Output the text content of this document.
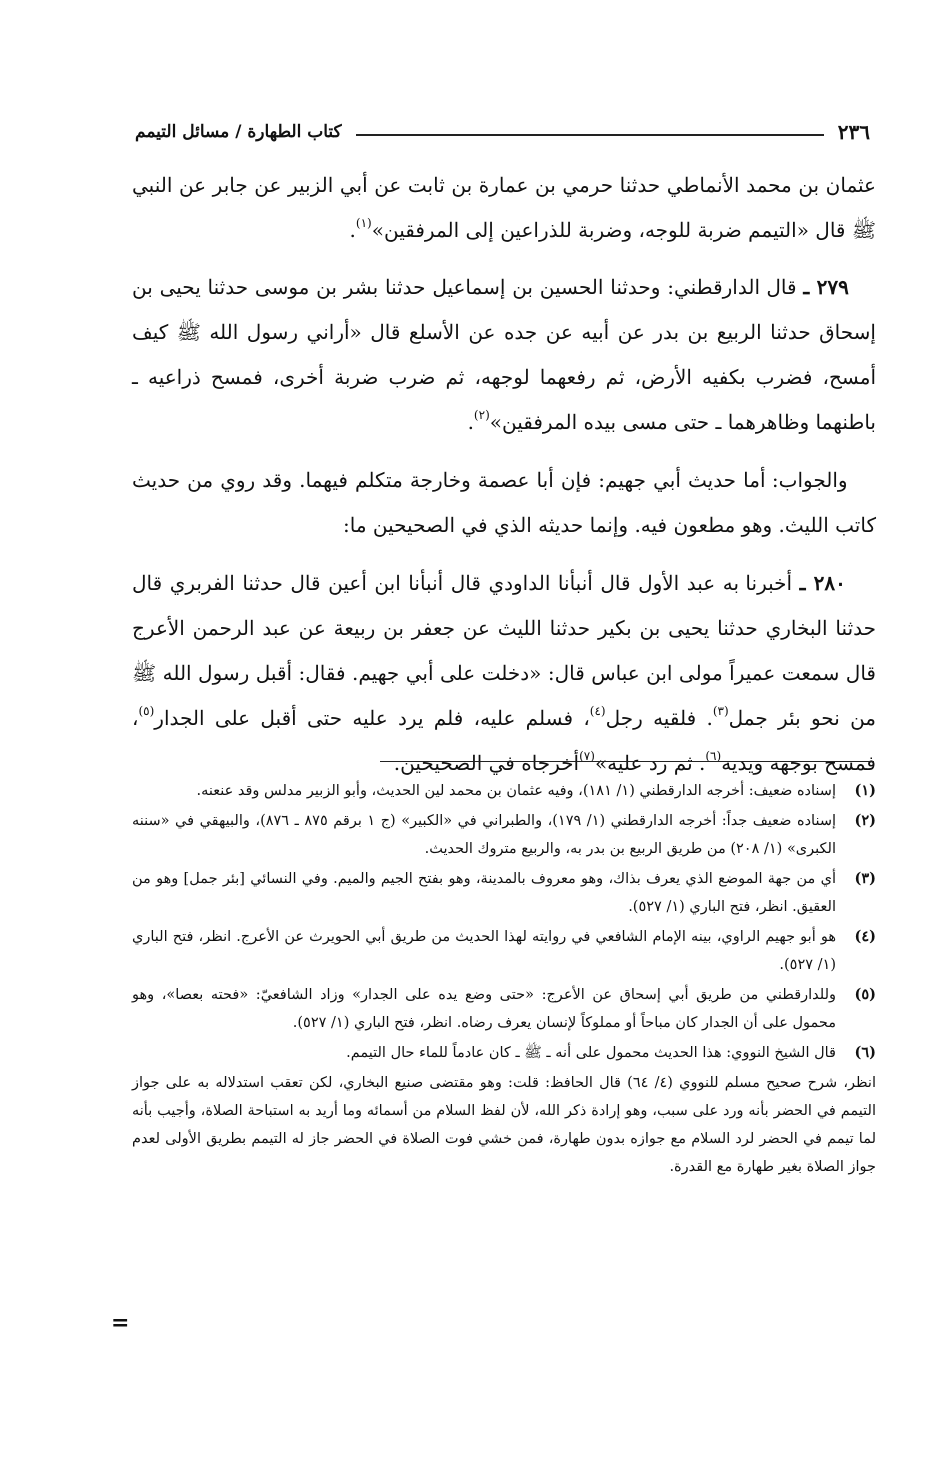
٢٣٦
كتاب الطهارة / مسائل التيمم

عثمان بن محمد الأنماطي حدثنا حرمي بن عمارة بن ثابت عن أبي الزبير عن جابر عن النبي ﷺ قال «التيمم ضربة للوجه، وضربة للذراعين إلى المرفقين»$^{(١)}$.

٢٧٩ ـ قال الدارقطني: وحدثنا الحسين بن إسماعيل حدثنا بشر بن موسى حدثنا يحيى بن إسحاق حدثنا الربيع بن بدر عن أبيه عن جده عن الأسلع قال «أراني رسول الله ﷺ كيف أمسح، فضرب بكفيه الأرض، ثم رفعهما لوجهه، ثم ضرب ضربة أخرى، فمسح ذراعيه ـ باطنهما وظاهرهما ـ حتى مسى بيده المرفقين»$^{(٢)}$.

والجواب: أما حديث أبي جهيم: فإن أبا عصمة وخارجة متكلم فيهما. وقد روي من حديث كاتب الليث. وهو مطعون فيه. وإنما حديثه الذي في الصحيحين ما:

٢٨٠ ـ أخبرنا به عبد الأول قال أنبأنا الداودي قال أنبأنا ابن أعين قال حدثنا الفربري قال حدثنا البخاري حدثنا يحيى بن بكير حدثنا الليث عن جعفر بن ربيعة عن عبد الرحمن الأعرج قال سمعت عميراً مولى ابن عباس قال: «دخلت على أبي جهيم. فقال: أقبل رسول الله ﷺ من نحو بئر جمل$^{(٣)}$. فلقيه رجل$^{(٤)}$، فسلم عليه، فلم يرد عليه حتى أقبل على الجدار$^{(٥)}$، فمسح بوجهه ويديه$^{(٦)}$. ثم رد عليه»$^{(٧)}$أخرجاه في الصحيحين.

(١)
إسناده ضعيف: أخرجه الدارقطني (١/ ١٨١)، وفيه عثمان بن محمد لين الحديث، وأبو الزبير مدلس وقد عنعنه.
(٢)
إسناده ضعيف جداً: أخرجه الدارقطني (١/ ١٧٩)، والطبراني في «الكبير» (ج ١ برقم ٨٧٥ ـ ٨٧٦)، والبيهقي في «سننه الكبرى» (١/ ٢٠٨) من طريق الربيع بن بدر به، والربيع متروك الحديث.
(٣)
أي من جهة الموضع الذي يعرف بذاك، وهو معروف بالمدينة، وهو بفتح الجيم والميم. وفي النسائي [بئر جمل] وهو من العقيق. انظر، فتح الباري (١/ ٥٢٧).
(٤)
هو أبو جهيم الراوي، بينه الإمام الشافعي في روايته لهذا الحديث من طريق أبي الحويرث عن الأعرج. انظر، فتح الباري (١/ ٥٢٧).
(٥)
وللدارقطني من طريق أبي إسحاق عن الأعرج: «حتى وضع يده على الجدار» وزاد الشافعيّ: «فحته بعصا»، وهو محمول على أن الجدار كان مباحاً أو مملوكاً لإنسان يعرف رضاه. انظر، فتح الباري (١/ ٥٢٧).
(٦)
قال الشيخ النووي: هذا الحديث محمول على أنه ـ ﷺ ـ كان عادماً للماء حال التيمم.

انظر، شرح صحيح مسلم للنووي (٤/ ٦٤) قال الحافظ: قلت: وهو مقتضى صنيع البخاري، لكن تعقب استدلاله به على جواز التيمم في الحضر بأنه ورد على سبب، وهو إرادة ذكر الله، لأن لفظ السلام من أسمائه وما أريد به استباحة الصلاة، وأجيب بأنه لما تيمم في الحضر لرد السلام مع جوازه بدون طهارة، فمن خشي فوت الصلاة في الحضر جاز له التيمم بطريق الأولى لعدم جواز الصلاة بغير طهارة مع القدرة.

=
